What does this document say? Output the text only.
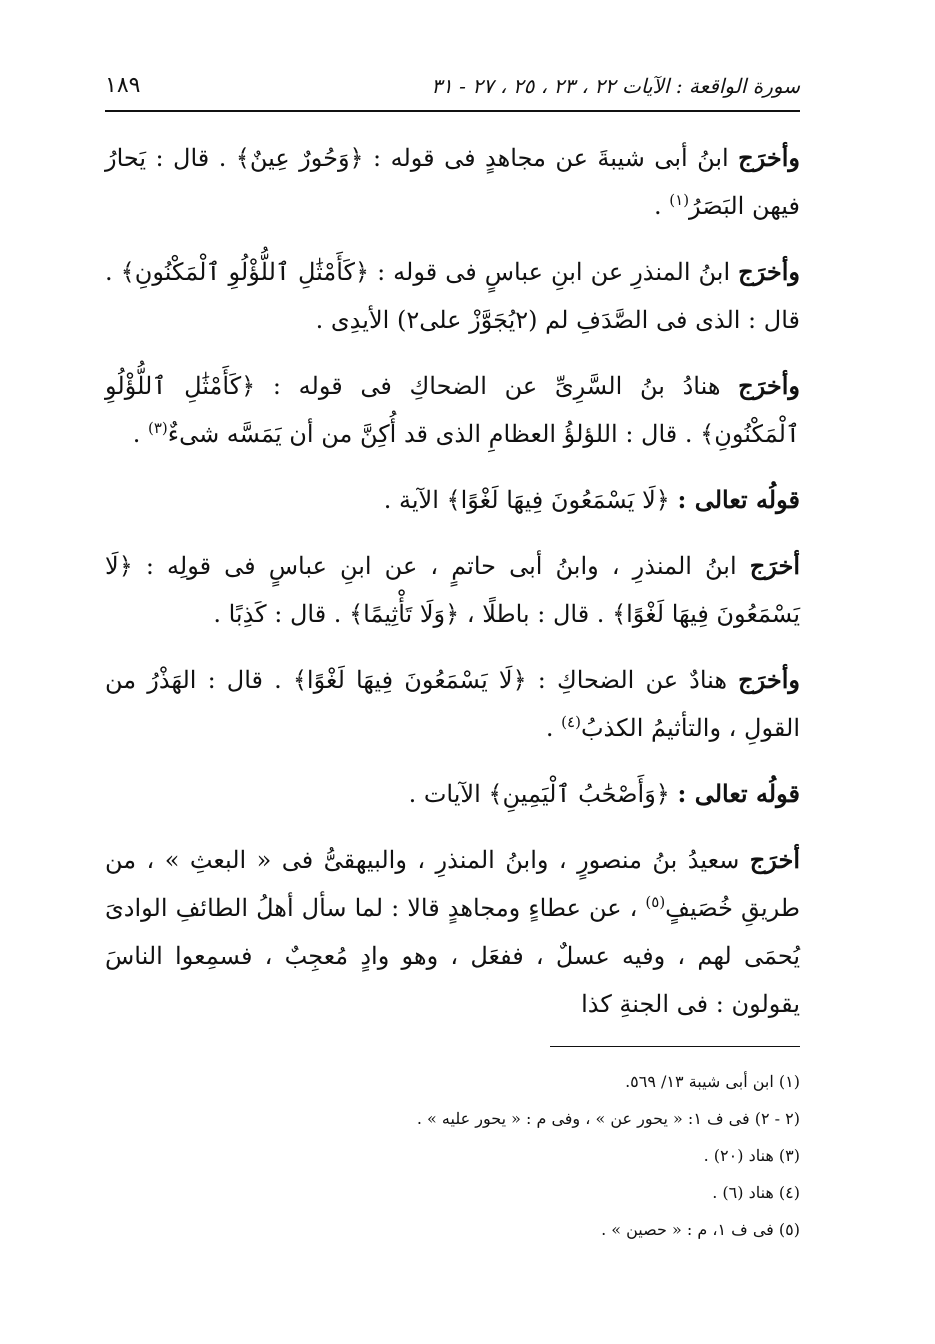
سورة الواقعة : الآيات ٢٢ ، ٢٣ ، ٢٥ ، ٢٧ - ٣١
١٨٩

وأخرَج ابنُ أبى شيبةَ عن مجاهدٍ فى قوله : ﴿وَحُورٌ عِينٌ﴾ . قال : يَحارُ فيهن البَصَرُ$^{(١)}$ .

وأخرَج ابنُ المنذرِ عن ابنِ عباسٍ فى قوله : ﴿كَأَمْثَٰلِ ٱللُّؤْلُوِ ٱلْمَكْنُونِ﴾ . قال : الذى فى الصَّدَفِ لم (٢يُجَوَّزْ على٢) الأيدِى .

وأخرَج هنادُ بنُ السَّرِىِّ عن الضحاكِ فى قوله : ﴿كَأَمْثَٰلِ ٱللُّؤْلُوِ ٱلْمَكْنُونِ﴾ . قال : اللؤلؤُ العظامِ الذى قد أُكِنَّ من أن يَمَسَّه شىءٌ$^{(٣)}$ .

قولُه تعالى : ﴿لَا يَسْمَعُونَ فِيهَا لَغْوًا﴾ الآية .

أخرَج ابنُ المنذرِ ، وابنُ أبى حاتمٍ ، عن ابنِ عباسٍ فى قولِه : ﴿لَا يَسْمَعُونَ فِيهَا لَغْوًا﴾ . قال : باطلًا ، ﴿وَلَا تَأْثِيمًا﴾ . قال : كَذِبًا .

وأخرَج هنادٌ عن الضحاكِ : ﴿لَا يَسْمَعُونَ فِيهَا لَغْوًا﴾ . قال : الهَذْرُ من القولِ ، والتأثيمُ الكذبُ$^{(٤)}$ .

قولُه تعالى : ﴿وَأَصْحَٰبُ ٱلْيَمِينِ﴾ الآيات .

أخرَج سعيدُ بنُ منصورٍ ، وابنُ المنذرِ ، والبيهقىُّ فى « البعثِ » ، من طريقِ خُصَيفٍ$^{(٥)}$ ، عن عطاءٍ ومجاهدٍ قالا : لما سأل أهلُ الطائفِ الوادىَ يُحمَى لهم ، وفيه عسلٌ ، ففعَل ، وهو وادٍ مُعجِبٌ ، فسمِعوا الناسَ يقولون : فى الجنةِ كذا

(١) ابن أبى شيبة ١٣/ ٥٦٩.

(٢ - ٢) فى ف ١: « يحور عن » ، وفى م : « يحور عليه » .

(٣) هناد (٢٠) .

(٤) هناد (٦) .

(٥) فى ف ١، م : « حصين » .
